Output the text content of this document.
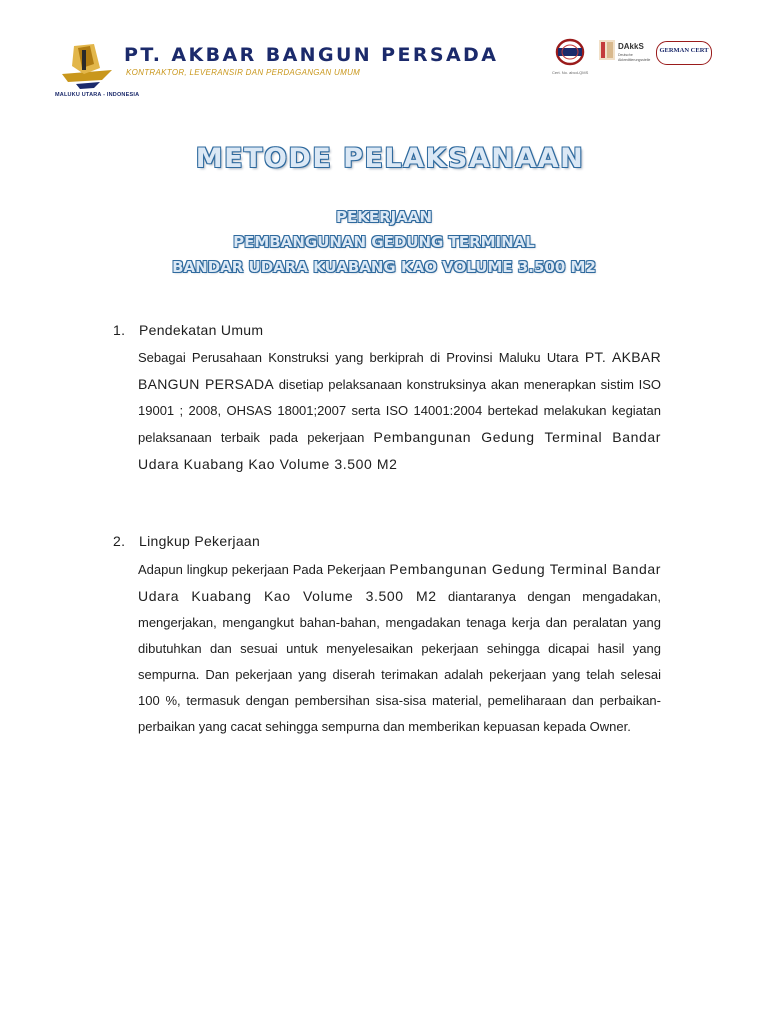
MALUKU UTARA - INDONESIA
PT. AKBAR BANGUN PERSADA
KONTRAKTOR, LEVERANSIR DAN PERDAGANGAN UMUM	Cert. No. abcd-QMS
DAkkS
Deutsche Akkreditierungsstelle
GERMAN CERT
METODE PELAKSANAAN
PEKERJAAN
PEMBANGUNAN GEDUNG TERMINAL
BANDAR UDARA KUABANG KAO VOLUME 3.500 M2
1. Pendekatan Umum
Sebagai Perusahaan Konstruksi yang berkiprah di Provinsi Maluku Utara PT. AKBAR BANGUN PERSADA disetiap pelaksanaan konstruksinya akan menerapkan sistim ISO 19001 ; 2008, OHSAS 18001;2007 serta ISO 14001:2004 bertekad melakukan kegiatan pelaksanaan terbaik pada pekerjaan Pembangunan Gedung Terminal Bandar Udara Kuabang Kao Volume 3.500 M2
2. Lingkup Pekerjaan
Adapun lingkup pekerjaan Pada Pekerjaan Pembangunan Gedung Terminal Bandar Udara Kuabang Kao Volume 3.500 M2 diantaranya dengan mengadakan, mengerjakan, mengangkut bahan-bahan, mengadakan tenaga kerja dan peralatan yang dibutuhkan dan sesuai untuk menyelesaikan pekerjaan sehingga dicapai hasil yang sempurna. Dan pekerjaan yang diserah terimakan adalah pekerjaan yang telah selesai 100 %, termasuk dengan pembersihan sisa-sisa material, pemeliharaan dan perbaikan- perbaikan yang cacat sehingga sempurna dan memberikan kepuasan kepada Owner.
